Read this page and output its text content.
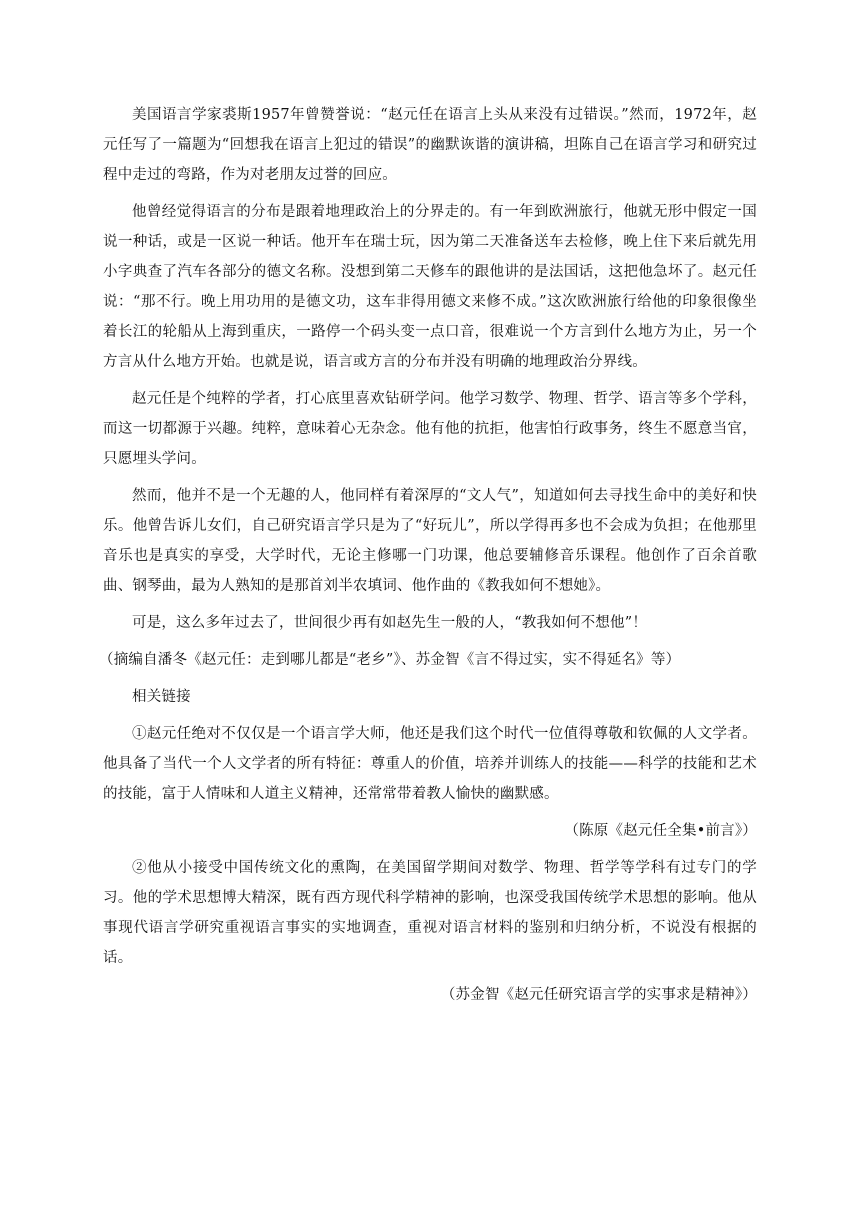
美国语言学家裘斯1957年曾赞誉说：“赵元任在语言上头从来没有过错误。”然而，1972年，赵元任写了一篇题为“回想我在语言上犯过的错误”的幽默诙谐的演讲稿，坦陈自己在语言学习和研究过程中走过的弯路，作为对老朋友过誉的回应。

他曾经觉得语言的分布是跟着地理政治上的分界走的。有一年到欧洲旅行，他就无形中假定一国说一种话，或是一区说一种话。他开车在瑞士玩，因为第二天准备送车去检修，晚上住下来后就先用小字典查了汽车各部分的德文名称。没想到第二天修车的跟他讲的是法国话，这把他急坏了。赵元任说：“那不行。晚上用功用的是德文功，这车非得用德文来修不成。”这次欧洲旅行给他的印象很像坐着长江的轮船从上海到重庆，一路停一个码头变一点口音，很难说一个方言到什么地方为止，另一个方言从什么地方开始。也就是说，语言或方言的分布并没有明确的地理政治分界线。

赵元任是个纯粹的学者，打心底里喜欢钻研学问。他学习数学、物理、哲学、语言等多个学科，而这一切都源于兴趣。纯粹，意味着心无杂念。他有他的抗拒，他害怕行政事务，终生不愿意当官，只愿埋头学问。

然而，他并不是一个无趣的人，他同样有着深厚的“文人气”，知道如何去寻找生命中的美好和快乐。他曾告诉儿女们，自己研究语言学只是为了“好玩儿”，所以学得再多也不会成为负担；在他那里音乐也是真实的享受，大学时代，无论主修哪一门功课，他总要辅修音乐课程。他创作了百余首歌曲、钢琴曲，最为人熟知的是那首刘半农填词、他作曲的《教我如何不想她》。

可是，这么多年过去了，世间很少再有如赵先生一般的人，“教我如何不想他”！

（摘编自潘冬《赵元任：走到哪儿都是“老乡”》、苏金智《言不得过实，实不得延名》等）

相关链接

①赵元任绝对不仅仅是一个语言学大师，他还是我们这个时代一位值得尊敬和钦佩的人文学者。他具备了当代一个人文学者的所有特征：尊重人的价值，培养并训练人的技能——科学的技能和艺术的技能，富于人情味和人道主义精神，还常常带着教人愉快的幽默感。

（陈原《赵元任全集•前言》）

②他从小接受中国传统文化的熏陶，在美国留学期间对数学、物理、哲学等学科有过专门的学习。他的学术思想博大精深，既有西方现代科学精神的影响，也深受我国传统学术思想的影响。他从事现代语言学研究重视语言事实的实地调查，重视对语言材料的鉴别和归纳分析，不说没有根据的话。

（苏金智《赵元任研究语言学的实事求是精神》）
